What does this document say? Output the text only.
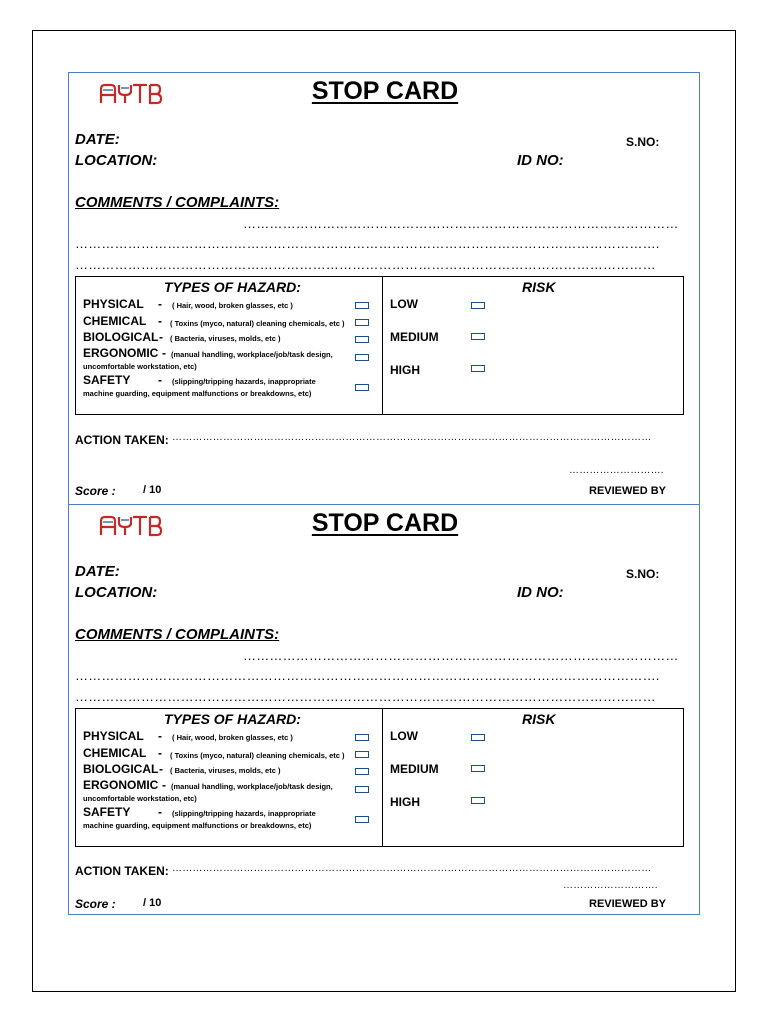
STOP CARD
DATE:	S.NO:
LOCATION:	ID NO:
COMMENTS / COMPLAINTS:
………………………………………………………………………………………
…………………………………………………………………………………………………………………….
……………………………………………………………………………………………………………………
TYPES OF HAZARD:	RISK
PHYSICAL - ( Hair, wood, broken glasses, etc )
CHEMICAL - ( Toxins (myco, natural) cleaning chemicals, etc )
BIOLOGICAL - ( Bacteria, viruses, molds, etc )
ERGONOMIC - (manual handling, workplace/job/task design,
uncomfortable workstation, etc)
SAFETY - (slipping/tripping hazards, inappropriate
machine guarding, equipment malfunctions or breakdowns, etc)
LOW
MEDIUM
HIGH
ACTION TAKEN: ……………………………………………………………………………………………………………………………
……………………….
Score : / 10	REVIEWED BY
STOP CARD
DATE:	S.NO:
LOCATION:	ID NO:
COMMENTS / COMPLAINTS:
………………………………………………………………………………………
…………………………………………………………………………………………………………………….
……………………………………………………………………………………………………………………
TYPES OF HAZARD:	RISK
PHYSICAL - ( Hair, wood, broken glasses, etc )
CHEMICAL - ( Toxins (myco, natural) cleaning chemicals, etc )
BIOLOGICAL - ( Bacteria, viruses, molds, etc )
ERGONOMIC - (manual handling, workplace/job/task design,
uncomfortable workstation, etc)
SAFETY - (slipping/tripping hazards, inappropriate
machine guarding, equipment malfunctions or breakdowns, etc)
LOW
MEDIUM
HIGH
ACTION TAKEN: ……………………………………………………………………………………………………………………………
……………………….
Score : / 10	REVIEWED BY
